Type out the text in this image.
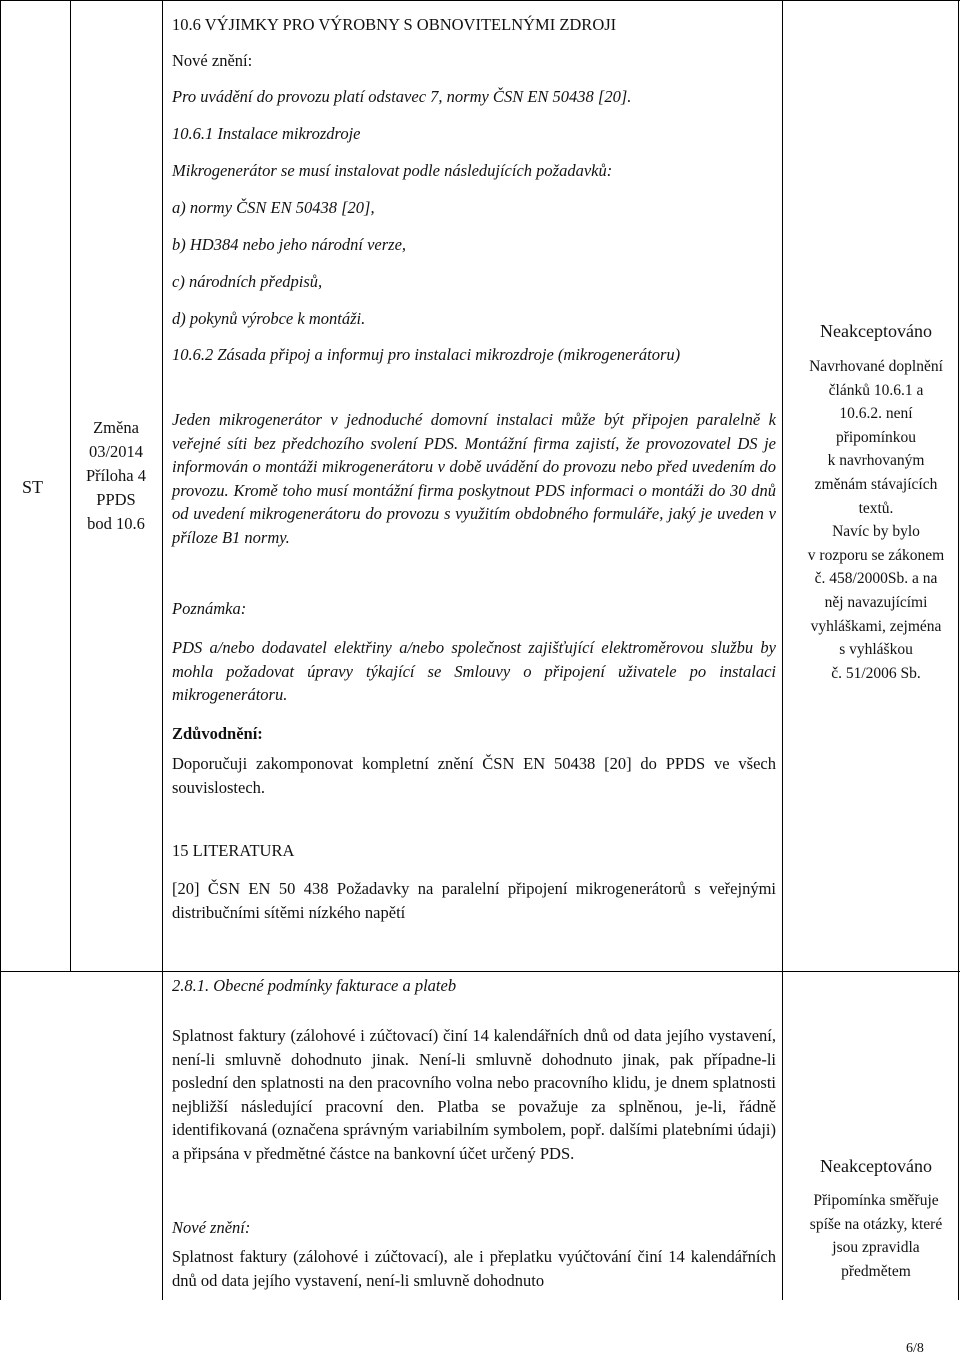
ST
Změna
03/2014
Příloha 4
PPDS
bod 10.6
10.6 VÝJIMKY PRO VÝROBNY S OBNOVITELNÝMI ZDROJI
Nové znění:
Pro uvádění do provozu platí odstavec 7, normy ČSN EN 50438 [20].
10.6.1 Instalace mikrozdroje
Mikrogenerátor se musí instalovat podle následujících požadavků:
a) normy ČSN EN 50438 [20],
b) HD384 nebo jeho národní verze,
c) národních předpisů,
d) pokynů výrobce k montáži.
10.6.2 Zásada připoj a informuj pro instalaci mikrozdroje (mikrogenerátoru)
Jeden mikrogenerátor v jednoduché domovní instalaci může být připojen paralelně k veřejné síti bez předchozího svolení PDS. Montážní firma zajistí, že provozovatel DS je informován o montáži mikrogenerátoru v době uvádění do provozu nebo před uvedením do provozu. Kromě toho musí montážní firma poskytnout PDS informaci o montáži do 30 dnů od uvedení mikrogenerátoru do provozu s využitím obdobného formuláře, jaký je uveden v příloze B1 normy.
Poznámka:
PDS a/nebo dodavatel elektřiny a/nebo společnost zajišťující elektroměrovou službu by mohla požadovat úpravy týkající se Smlouvy o připojení uživatele po instalaci mikrogenerátoru.
Zdůvodnění:
Doporučuji zakomponovat kompletní znění ČSN EN 50438 [20] do PPDS ve všech souvislostech.
15 LITERATURA
[20] ČSN EN 50 438 Požadavky na paralelní připojení mikrogenerátorů s veřejnými distribučními sítěmi nízkého napětí
Neakceptováno
Navrhované doplnění
článků 10.6.1 a
10.6.2. není
připomínkou
k navrhovaným
změnám stávajících
textů.
Navíc by bylo
v rozporu se zákonem
č. 458/2000Sb. a na
něj navazujícími
vyhláškami, zejména
s vyhláškou
č. 51/2006 Sb.
2.8.1. Obecné podmínky fakturace a plateb
Splatnost faktury (zálohové i zúčtovací) činí 14 kalendářních dnů od data jejího vystavení, není-li smluvně dohodnuto jinak. Není-li smluvně dohodnuto jinak, pak případne-li poslední den splatnosti na den pracovního volna nebo pracovního klidu, je dnem splatnosti nejbližší následující pracovní den. Platba se považuje za splněnou, je-li, řádně identifikovaná (označena správným variabilním symbolem, popř. dalšími platebními údaji) a připsána v předmětné částce na bankovní účet určený PDS.
Nové znění:
Splatnost faktury (zálohové i zúčtovací), ale i přeplatku vyúčtování činí 14 kalendářních dnů od data jejího vystavení, není-li smluvně dohodnuto
Neakceptováno
Připomínka směřuje
spíše na otázky, které
jsou zpravidla
předmětem
6/8
